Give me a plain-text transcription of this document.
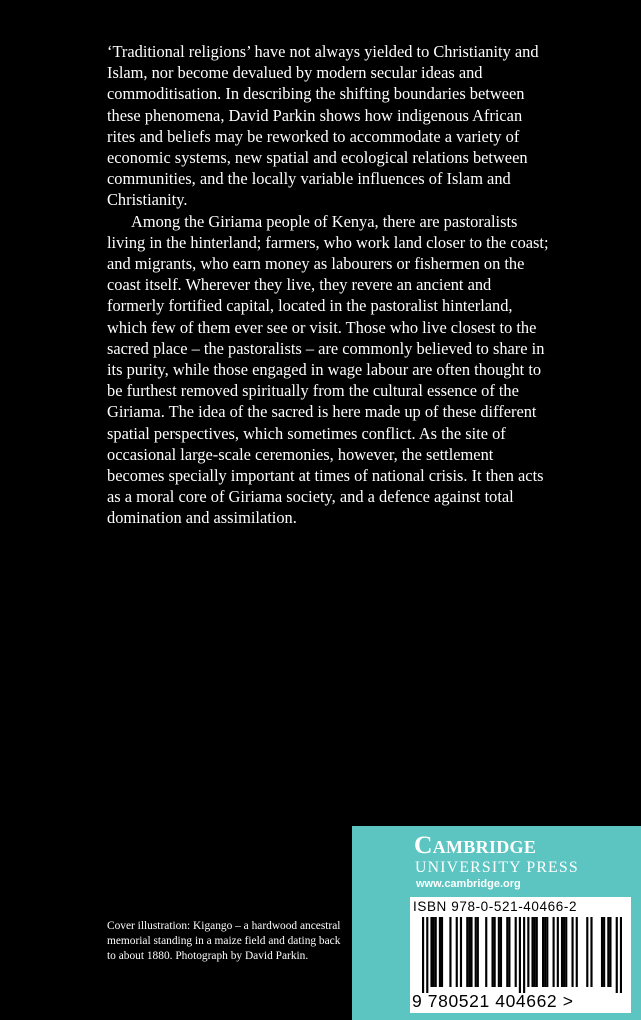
‘Traditional religions’ have not always yielded to Christianity and Islam, nor become devalued by modern secular ideas and commoditisation. In describing the shifting boundaries between these phenomena, David Parkin shows how indigenous African rites and beliefs may be reworked to accommodate a variety of economic systems, new spatial and ecological relations between communities, and the locally variable influences of Islam and Christianity.

Among the Giriama people of Kenya, there are pastoralists living in the hinterland; farmers, who work land closer to the coast; and migrants, who earn money as labourers or fishermen on the coast itself. Wherever they live, they revere an ancient and formerly fortified capital, located in the pastoralist hinterland, which few of them ever see or visit. Those who live closest to the sacred place – the pastoralists – are commonly believed to share in its purity, while those engaged in wage labour are often thought to be furthest removed spiritually from the cultural essence of the Giriama. The idea of the sacred is here made up of these different spatial perspectives, which sometimes conflict. As the site of occasional large-scale ceremonies, however, the settlement becomes specially important at times of national crisis. It then acts as a moral core of Giriama society, and a defence against total domination and assimilation.

Cover illustration: Kigango – a hardwood ancestral memorial standing in a maize field and dating back to about 1880. Photograph by David Parkin.
Cambridge
UNIVERSITY PRESS
www.cambridge.org
ISBN 978-0-521-40466-2
9 780521 404662 >
